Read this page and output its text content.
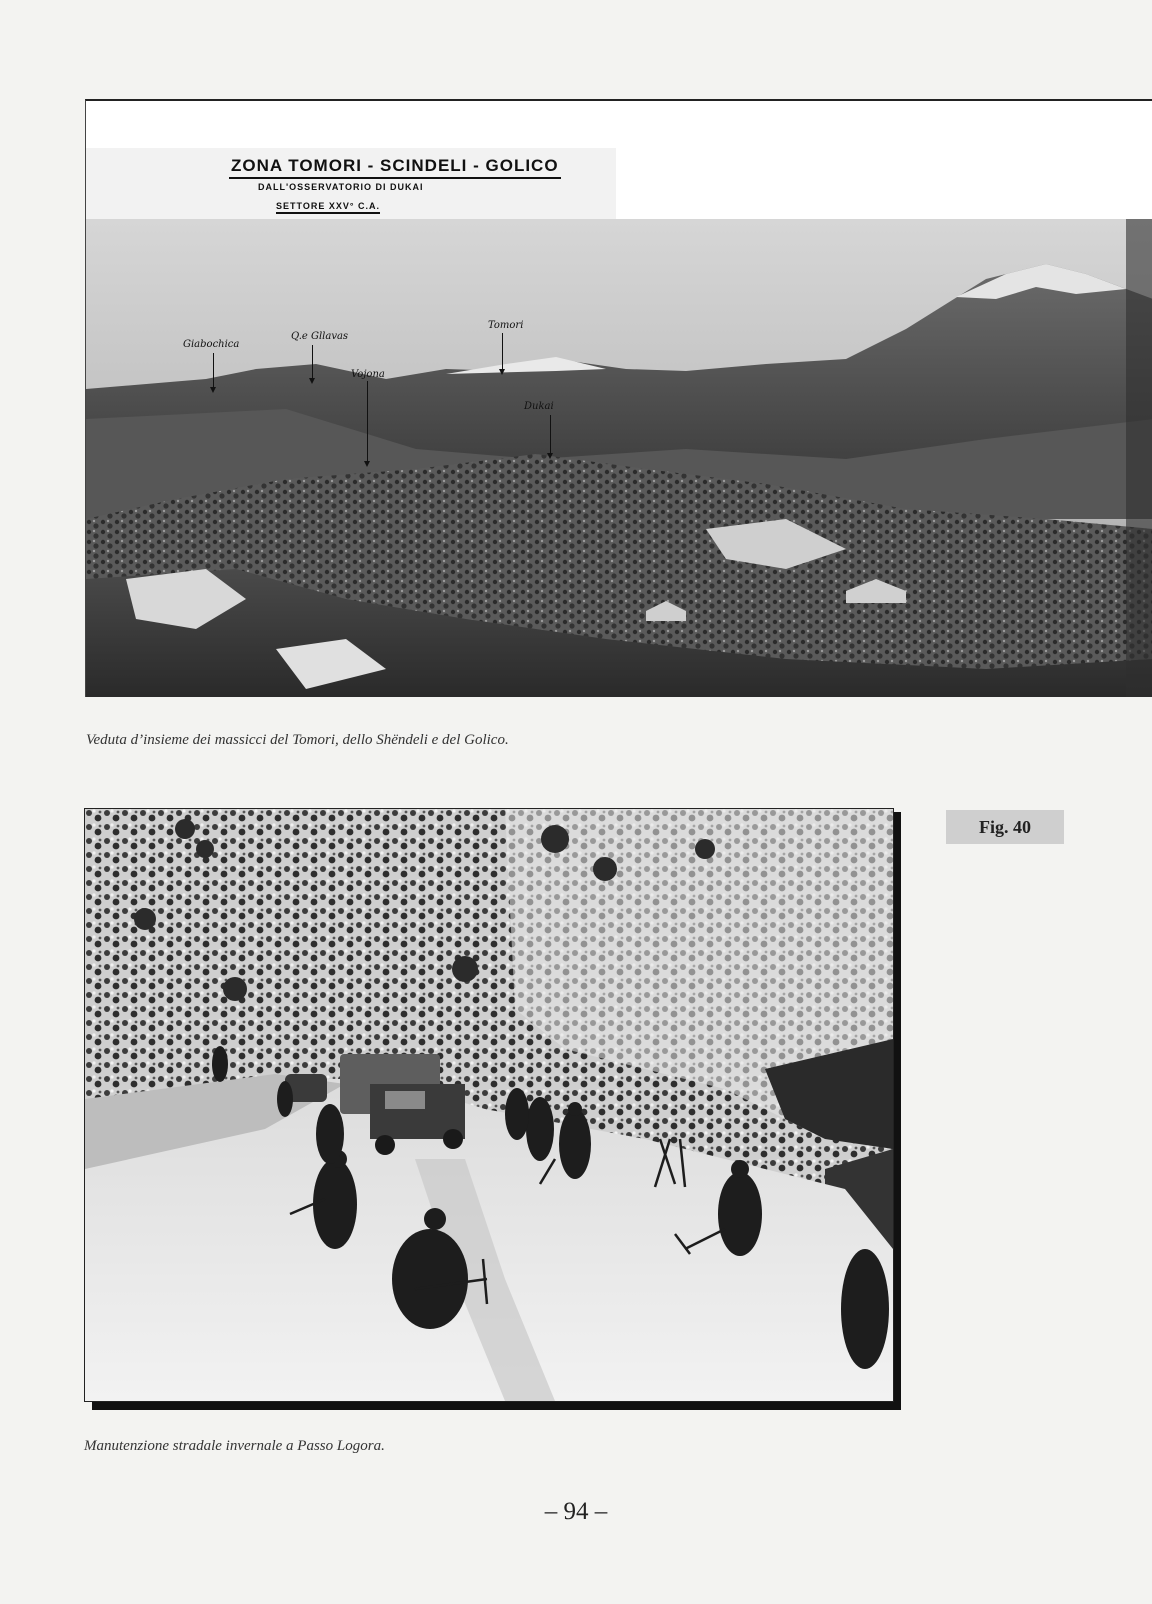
ZONA TOMORI - SCINDELI - GOLICO
DALL'OSSERVATORIO DI DUKAI
SETTORE XXV° C.A.
Giabochica
Q.e Gllavas
Vojona
Tomori
Dukai
Veduta d’insieme dei massicci del Tomori, dello Shëndeli e del Golico.
Fig. 40
Manutenzione stradale invernale a Passo Logora.
– 94 –
